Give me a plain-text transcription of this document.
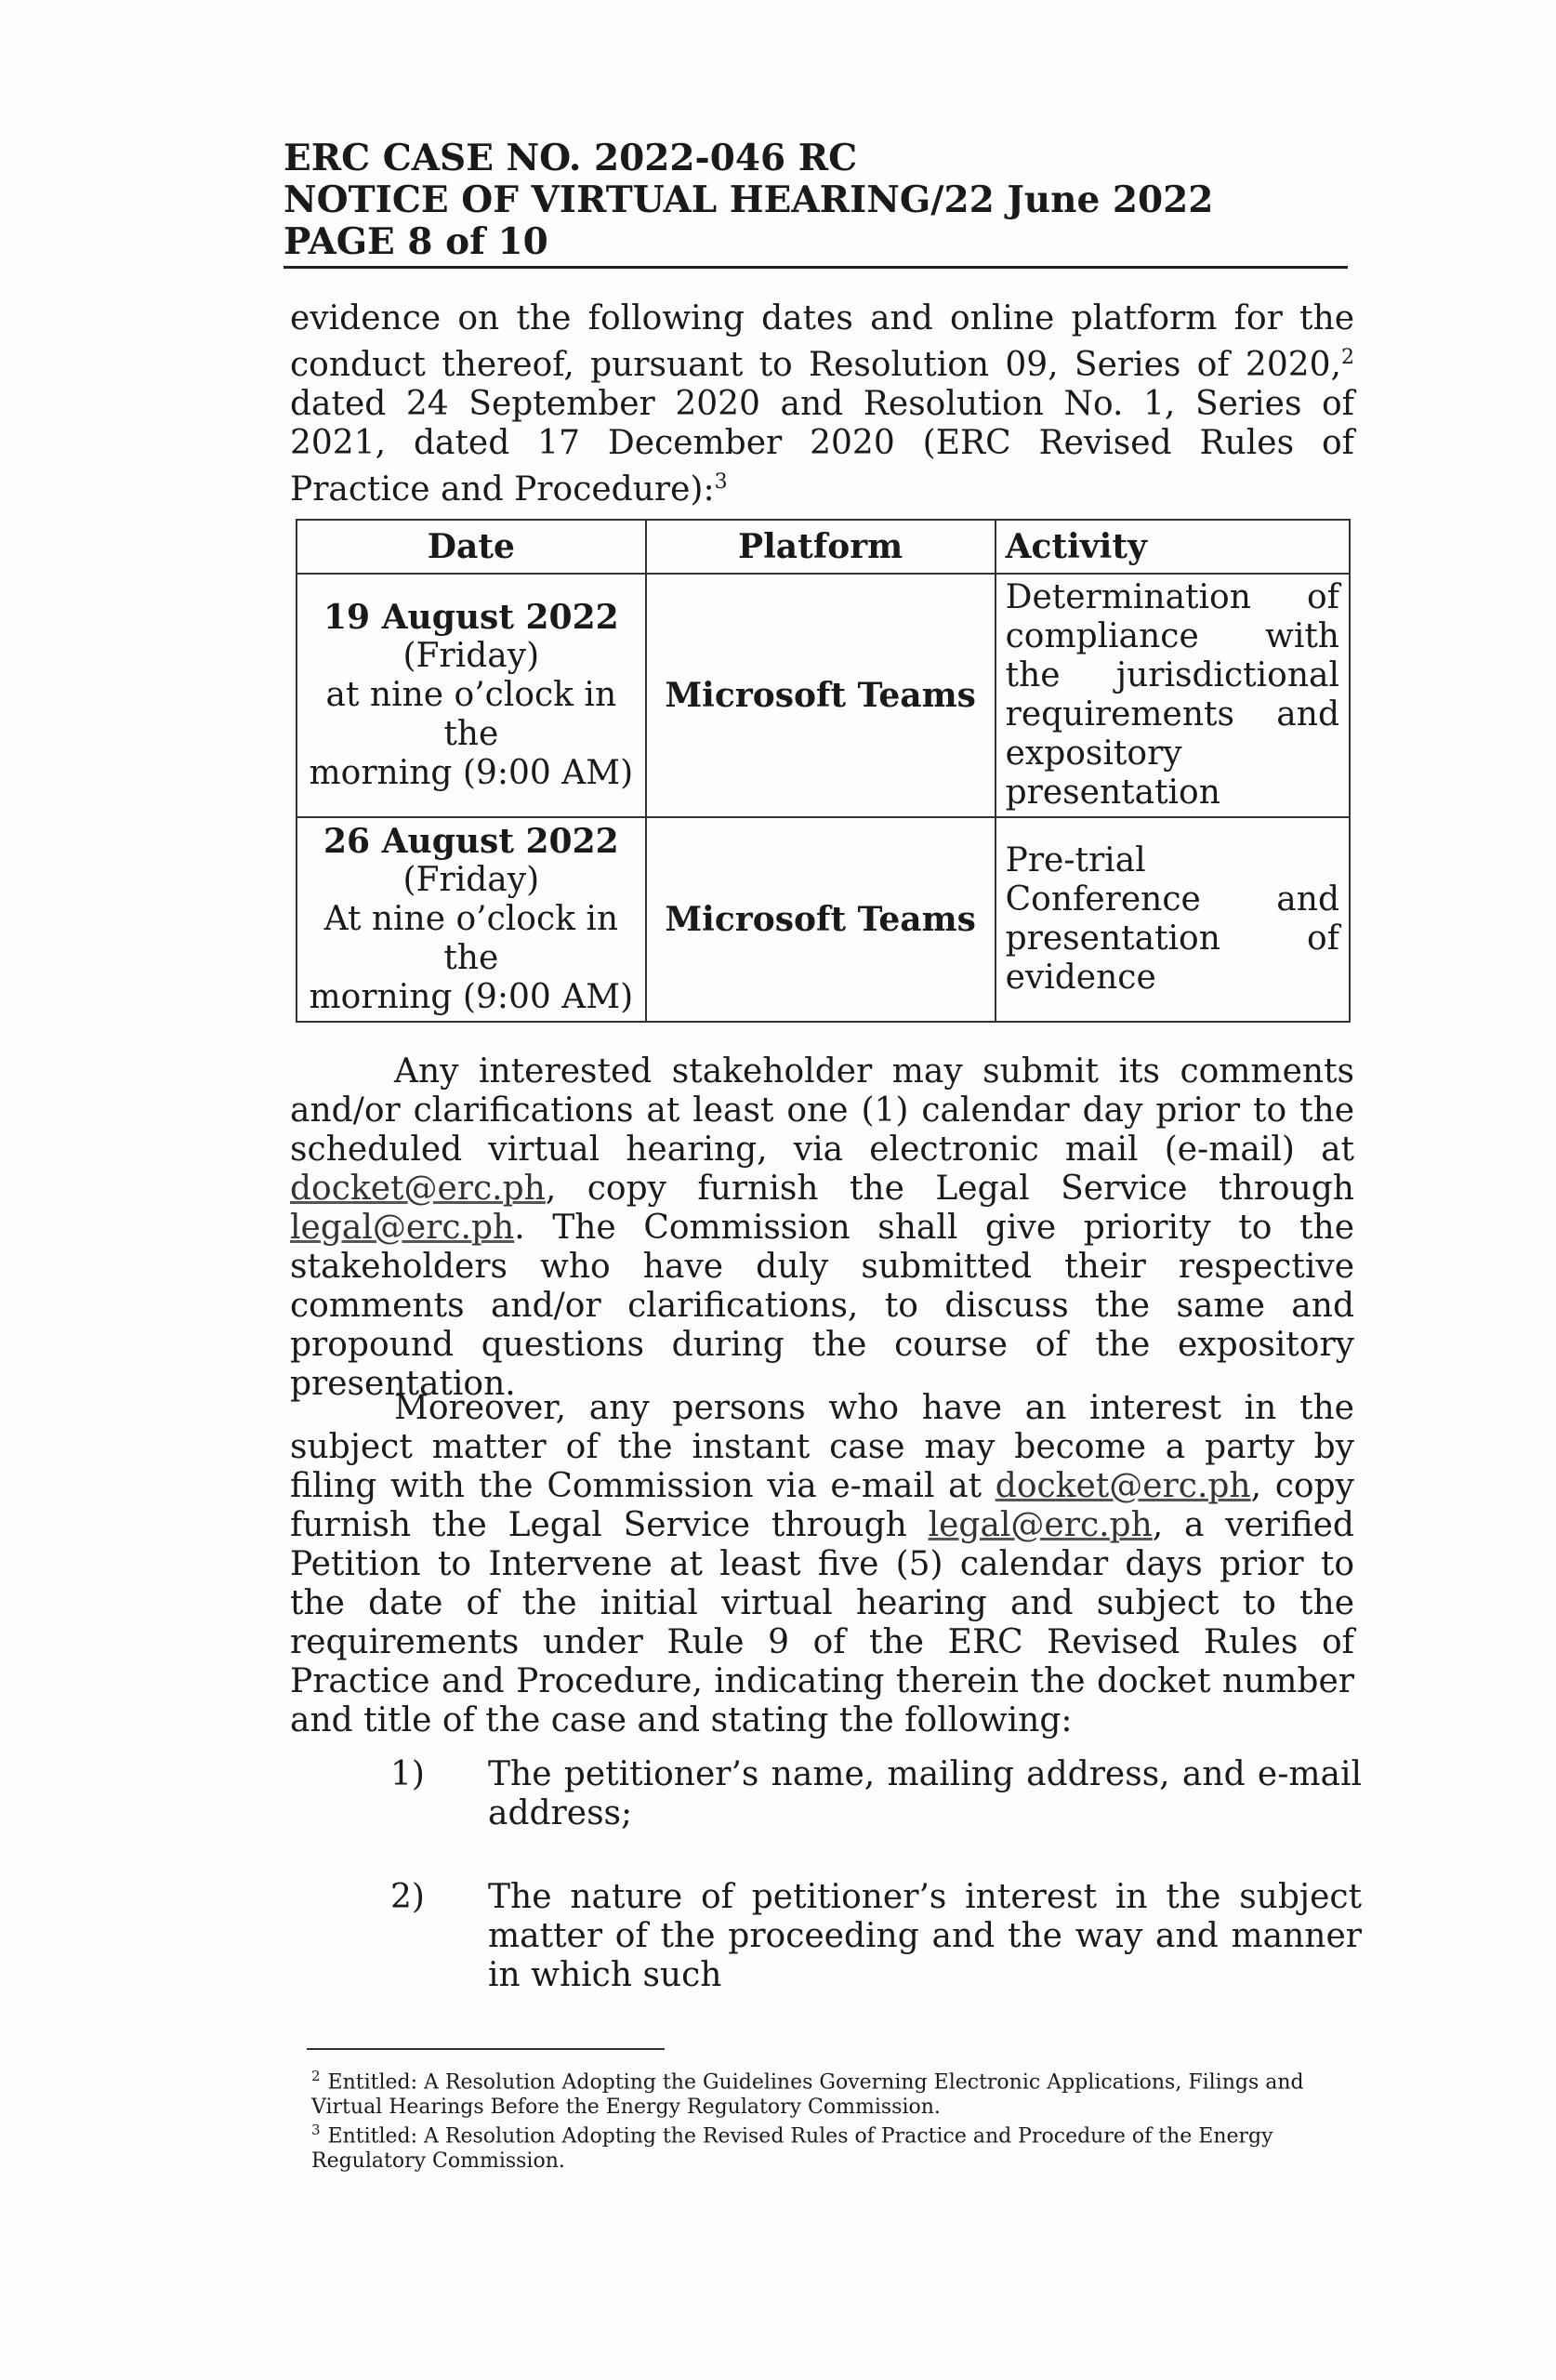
ERC CASE NO. 2022-046 RC
NOTICE OF VIRTUAL HEARING/22 June 2022
PAGE 8 of 10
evidence on the following dates and online platform for the conduct thereof, pursuant to Resolution 09, Series of 2020,$^2$ dated 24 September 2020 and Resolution No. 1, Series of 2021, dated 17 December 2020 (ERC Revised Rules of Practice and Procedure):$^3$
Date	Platform	Activity

19 August 2022
(Friday)
at nine o’clock in the
morning (9:00 AM)	Microsoft Teams	Determination of compliance with the jurisdictional requirements and expository presentation

26 August 2022
(Friday)
At nine o’clock in the
morning (9:00 AM)	Microsoft Teams	Pre-trial Conference and presentation of evidence
Any interested stakeholder may submit its comments and/or clarifications at least one (1) calendar day prior to the scheduled virtual hearing, via electronic mail (e-mail) at docket@erc.ph, copy furnish the Legal Service through legal@erc.ph. The Commission shall give priority to the stakeholders who have duly submitted their respective comments and/or clarifications, to discuss the same and propound questions during the course of the expository presentation.
Moreover, any persons who have an interest in the subject matter of the instant case may become a party by filing with the Commission via e-mail at docket@erc.ph, copy furnish the Legal Service through legal@erc.ph, a verified Petition to Intervene at least five (5) calendar days prior to the date of the initial virtual hearing and subject to the requirements under Rule 9 of the ERC Revised Rules of Practice and Procedure, indicating therein the docket number and title of the case and stating the following:
1)	The petitioner’s name, mailing address, and e-mail address;
2)	The nature of petitioner’s interest in the subject matter of the proceeding and the way and manner in which such
$^2$ Entitled: A Resolution Adopting the Guidelines Governing Electronic Applications, Filings and Virtual Hearings Before the Energy Regulatory Commission.
$^3$ Entitled: A Resolution Adopting the Revised Rules of Practice and Procedure of the Energy Regulatory Commission.
